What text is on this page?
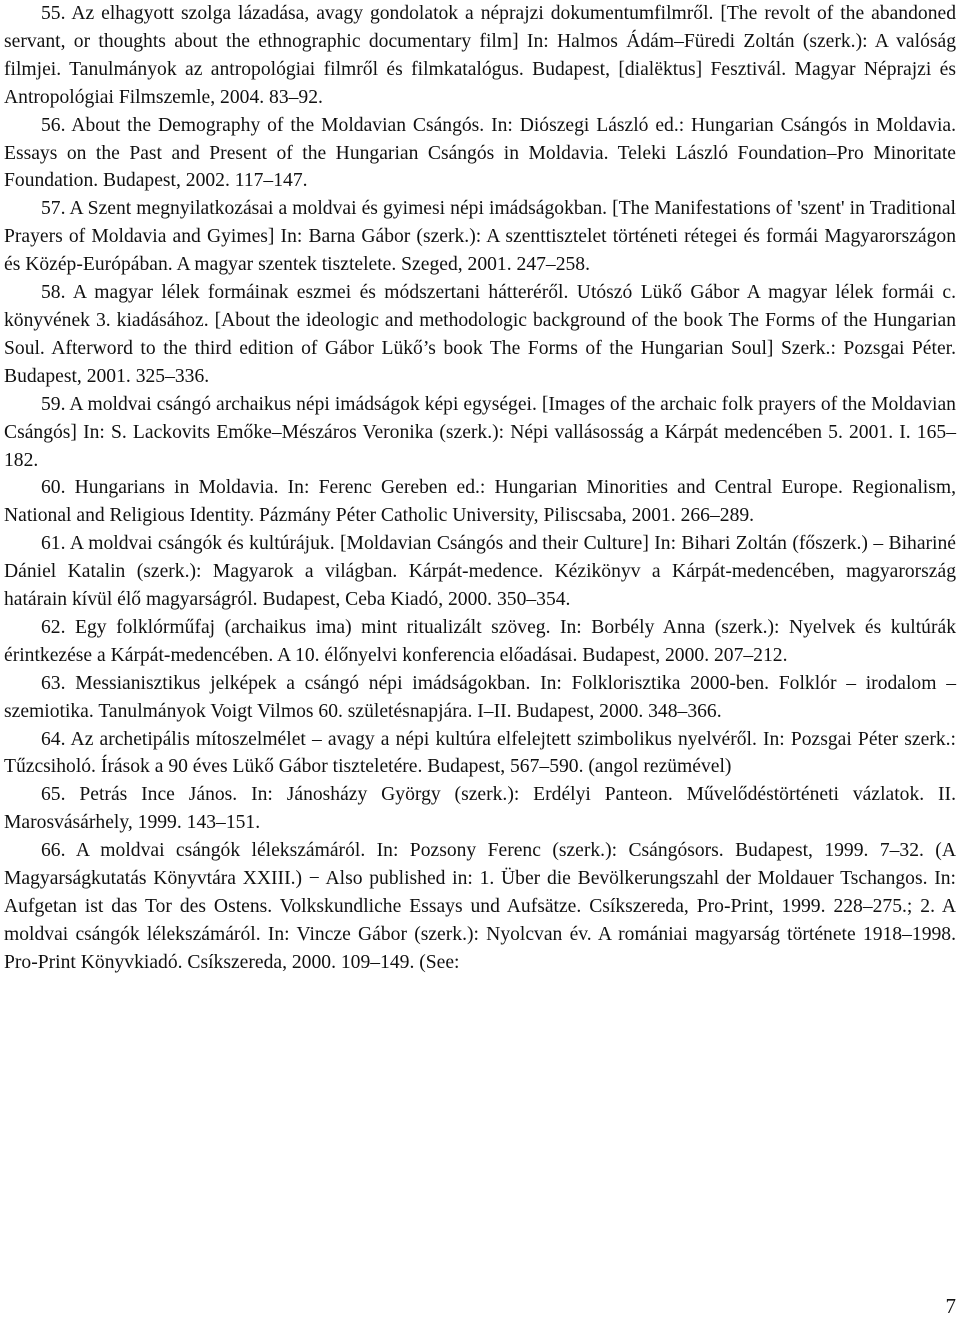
55. Az elhagyott szolga lázadása, avagy gondolatok a néprajzi dokumentumfilmről. [The revolt of the abandoned servant, or thoughts about the ethnographic documentary film] In: Halmos Ádám–Füredi Zoltán (szerk.): A valóság filmjei. Tanulmányok az antropológiai filmről és filmkatalógus. Budapest, [dialëktus] Fesztivál. Magyar Néprajzi és Antropológiai Filmszemle, 2004. 83–92.

56. About the Demography of the Moldavian Csángós. In: Diószegi László ed.: Hungarian Csángós in Moldavia. Essays on the Past and Present of the Hungarian Csángós in Moldavia. Teleki László Foundation–Pro Minoritate Foundation. Budapest, 2002. 117–147.

57. A Szent megnyilatkozásai a moldvai és gyimesi népi imádságokban. [The Manifestations of 'szent' in Traditional Prayers of Moldavia and Gyimes] In: Barna Gábor (szerk.): A szenttisztelet történeti rétegei és formái Magyarországon és Közép-Európában. A magyar szentek tisztelete. Szeged, 2001. 247–258.

58. A magyar lélek formáinak eszmei és módszertani hátteréről. Utószó Lükő Gábor A magyar lélek formái c. könyvének 3. kiadásához. [About the ideologic and methodologic background of the book The Forms of the Hungarian Soul. Afterword to the third edition of Gábor Lükő’s book The Forms of the Hungarian Soul] Szerk.: Pozsgai Péter. Budapest, 2001. 325–336.

59. A moldvai csángó archaikus népi imádságok képi egységei. [Images of the archaic folk prayers of the Moldavian Csángós] In: S. Lackovits Emőke–Mészáros Veronika (szerk.): Népi vallásosság a Kárpát medencében 5. 2001. I. 165–182.

60. Hungarians in Moldavia. In: Ferenc Gereben ed.: Hungarian Minorities and Central Europe. Regionalism, National and Religious Identity. Pázmány Péter Catholic University, Piliscsaba, 2001. 266–289.

61. A moldvai csángók és kultúrájuk. [Moldavian Csángós and their Culture] In: Bihari Zoltán (főszerk.) – Bihariné Dániel Katalin (szerk.): Magyarok a világban. Kárpát-medence. Kézikönyv a Kárpát-medencében, magyarország határain kívül élő magyarságról. Budapest, Ceba Kiadó, 2000. 350–354.

62. Egy folklórműfaj (archaikus ima) mint ritualizált szöveg. In: Borbély Anna (szerk.): Nyelvek és kultúrák érintkezése a Kárpát-medencében. A 10. élőnyelvi konferencia előadásai. Budapest, 2000. 207–212.

63. Messianisztikus jelképek a csángó népi imádságokban. In: Folklorisztika 2000-ben. Folklór – irodalom – szemiotika. Tanulmányok Voigt Vilmos 60. születésnapjára. I–II. Budapest, 2000. 348–366.

64. Az archetipális mítoszelmélet – avagy a népi kultúra elfelejtett szimbolikus nyelvéről. In: Pozsgai Péter szerk.: Tűzcsiholó. Írások a 90 éves Lükő Gábor tiszteletére. Budapest, 567–590. (angol rezümével)

65. Petrás Ince János. In: Jánosházy György (szerk.): Erdélyi Panteon. Művelődéstörténeti vázlatok. II. Marosvásárhely, 1999. 143–151.

66. A moldvai csángók lélekszámáról. In: Pozsony Ferenc (szerk.): Csángósors. Budapest, 1999. 7–32. (A Magyarságkutatás Könyvtára XXIII.) − Also published in: 1. Über die Bevölkerungszahl der Moldauer Tschangos. In: Aufgetan ist das Tor des Ostens. Volkskundliche Essays und Aufsätze. Csíkszereda, Pro-Print, 1999. 228–275.; 2. A moldvai csángók lélekszámáról. In: Vincze Gábor (szerk.): Nyolcvan év. A romániai magyarság története 1918–1998. Pro-Print Könyvkiadó. Csíkszereda, 2000. 109–149. (See:

7
